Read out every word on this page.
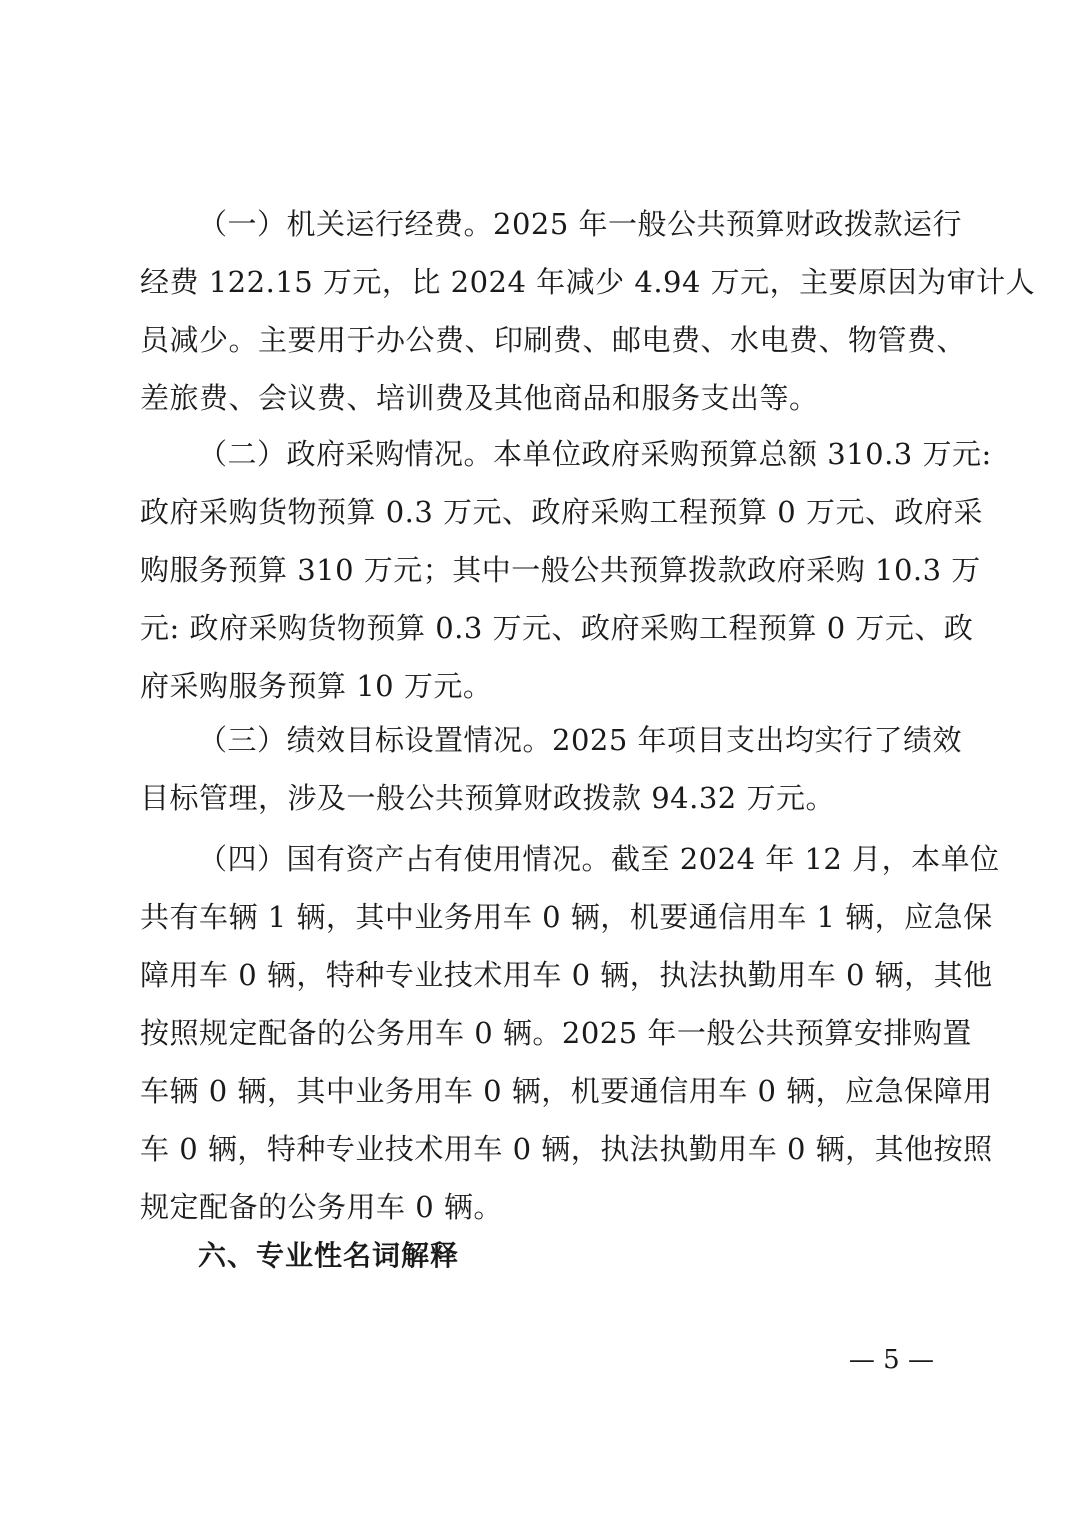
（一）机关运行经费。2025 年一般公共预算财政拨款运行
经费 122.15 万元，比 2024 年减少 4.94 万元，主要原因为审计人
员减少。主要用于办公费、印刷费、邮电费、水电费、物管费、
差旅费、会议费、培训费及其他商品和服务支出等。
（二）政府采购情况。本单位政府采购预算总额 310.3 万元:
政府采购货物预算 0.3 万元、政府采购工程预算 0 万元、政府采
购服务预算 310 万元；其中一般公共预算拨款政府采购 10.3 万
元: 政府采购货物预算 0.3 万元、政府采购工程预算 0 万元、政
府采购服务预算 10 万元。
（三）绩效目标设置情况。2025 年项目支出均实行了绩效
目标管理，涉及一般公共预算财政拨款 94.32 万元。
（四）国有资产占有使用情况。截至 2024 年 12 月，本单位
共有车辆 1 辆，其中业务用车 0 辆，机要通信用车 1 辆，应急保
障用车 0 辆，特种专业技术用车 0 辆，执法执勤用车 0 辆，其他
按照规定配备的公务用车 0 辆。2025 年一般公共预算安排购置
车辆 0 辆，其中业务用车 0 辆，机要通信用车 0 辆，应急保障用
车 0 辆，特种专业技术用车 0 辆，执法执勤用车 0 辆，其他按照
规定配备的公务用车 0 辆。
六、专业性名词解释
— 5 —
